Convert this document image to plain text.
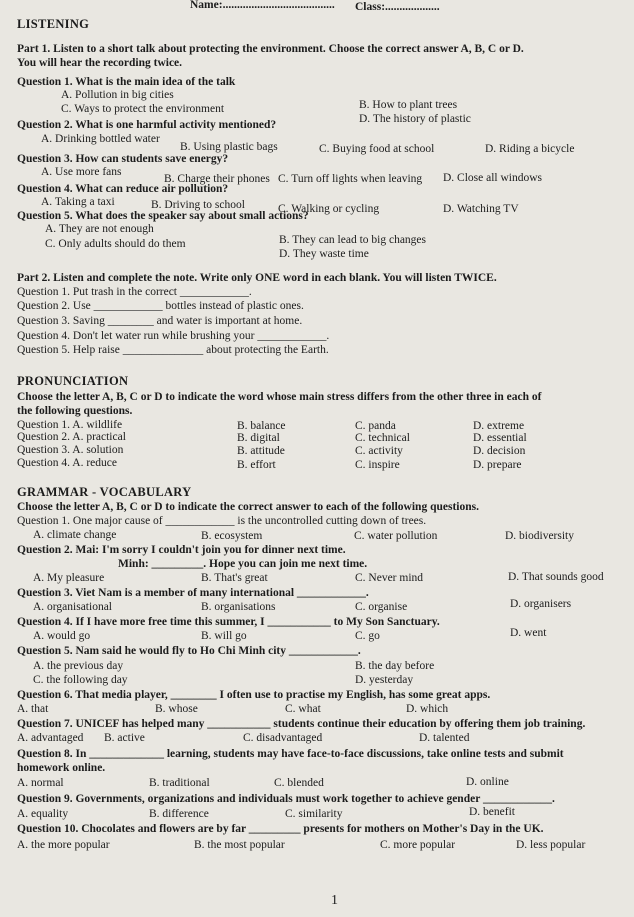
Name:....................................... Class:...................
LISTENING
Part 1. Listen to a short talk about protecting the environment. Choose the correct answer A, B, C or D.
You will hear the recording twice.
Question 1. What is the main idea of the talk
A. Pollution in big cities
B. How to plant trees
C. Ways to protect the environment
D. The history of plastic
Question 2. What is one harmful activity mentioned?
A. Drinking bottled water
B. Using plastic bags	C. Buying food at school	D. Riding a bicycle
Question 3. How can students save energy?
A. Use more fans
B. Charge their phones C. Turn off lights when leaving D. Close all windows
Question 4. What can reduce air pollution?
A. Taking a taxi	B. Driving to school	C. Walking or cycling	D. Watching TV
Question 5. What does the speaker say about small actions?
A. They are not enough
B. They can lead to big changes
C. Only adults should do them
D. They waste time
Part 2. Listen and complete the note. Write only ONE word in each blank. You will listen TWICE.
Question 1. Put trash in the correct ____________.
Question 2. Use ____________ bottles instead of plastic ones.
Question 3. Saving ________ and water is important at home.
Question 4. Don't let water run while brushing your ____________.
Question 5. Help raise ______________ about protecting the Earth.
PRONUNCIATION
Choose the letter A, B, C or D to indicate the word whose main stress differs from the other three in each of
the following questions.
Question 1. A. wildlife	B. balance	C. panda	D. extreme
Question 2. A. practical	B. digital	C. technical	D. essential
Question 3. A. solution	B. attitude	C. activity	D. decision
Question 4. A. reduce	B. effort	C. inspire	D. prepare
GRAMMAR - VOCABULARY
Choose the letter A, B, C or D to indicate the correct answer to each of the following questions.
Question 1. One major cause of ____________ is the uncontrolled cutting down of trees.
A. climate change	B. ecosystem	C. water pollution	D. biodiversity
Question 2. Mai: I'm sorry I couldn't join you for dinner next time.
Minh: _________. Hope you can join me next time.
A. My pleasure	B. That's great	C. Never mind	D. That sounds good
Question 3. Viet Nam is a member of many international ____________.
A. organisational	B. organisations	C. organise	D. organisers
Question 4. If I have more free time this summer, I ___________ to My Son Sanctuary.
A. would go	B. will go	C. go	D. went
Question 5. Nam said he would fly to Ho Chi Minh city ____________.
A. the previous day	B. the day before
C. the following day	D. yesterday
Question 6. That media player, ________ I often use to practise my English, has some great apps.
A. that	B. whose	C. what	D. which
Question 7. UNICEF has helped many ___________ students continue their education by offering them job training.
A. advantaged B. active	C. disadvantaged	D. talented
Question 8. In _____________ learning, students may have face-to-face discussions, take online tests and submit
homework online.
A. normal	B. traditional	C. blended	D. online
Question 9. Governments, organizations and individuals must work together to achieve gender ____________.
A. equality	B. difference	C. similarity	D. benefit
Question 10. Chocolates and flowers are by far _________ presents for mothers on Mother's Day in the UK.
A. the more popular	B. the most popular	C. more popular	D. less popular
1
